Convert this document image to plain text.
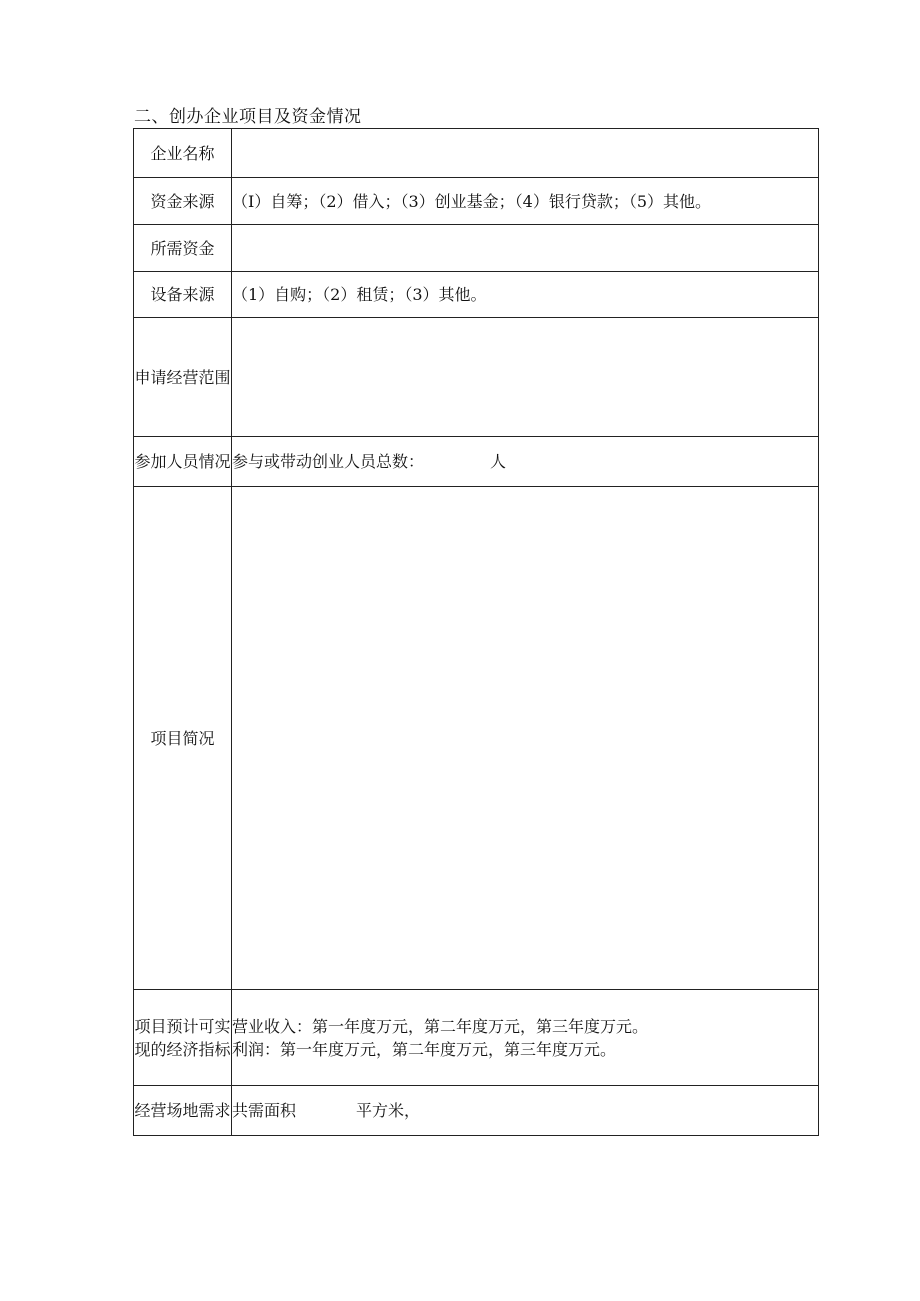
二、创办企业项目及资金情况
企业名称	
资金来源	（I）自筹；（2）借入；（3）创业基金；（4）银行贷款；（5）其他。
所需资金	
设备来源	（1）自购；（2）租赁；（3）其他。
申请经营范围	
参加人员情况	参与或带动创业人员总数： 人
项目简况	
项目预计可实现的经济指标	营业收入：第一年度万元，第二年度万元，第三年度万元。
利润：第一年度万元，第二年度万元，第三年度万元。

经营场地需求	共需面积 平方米，
